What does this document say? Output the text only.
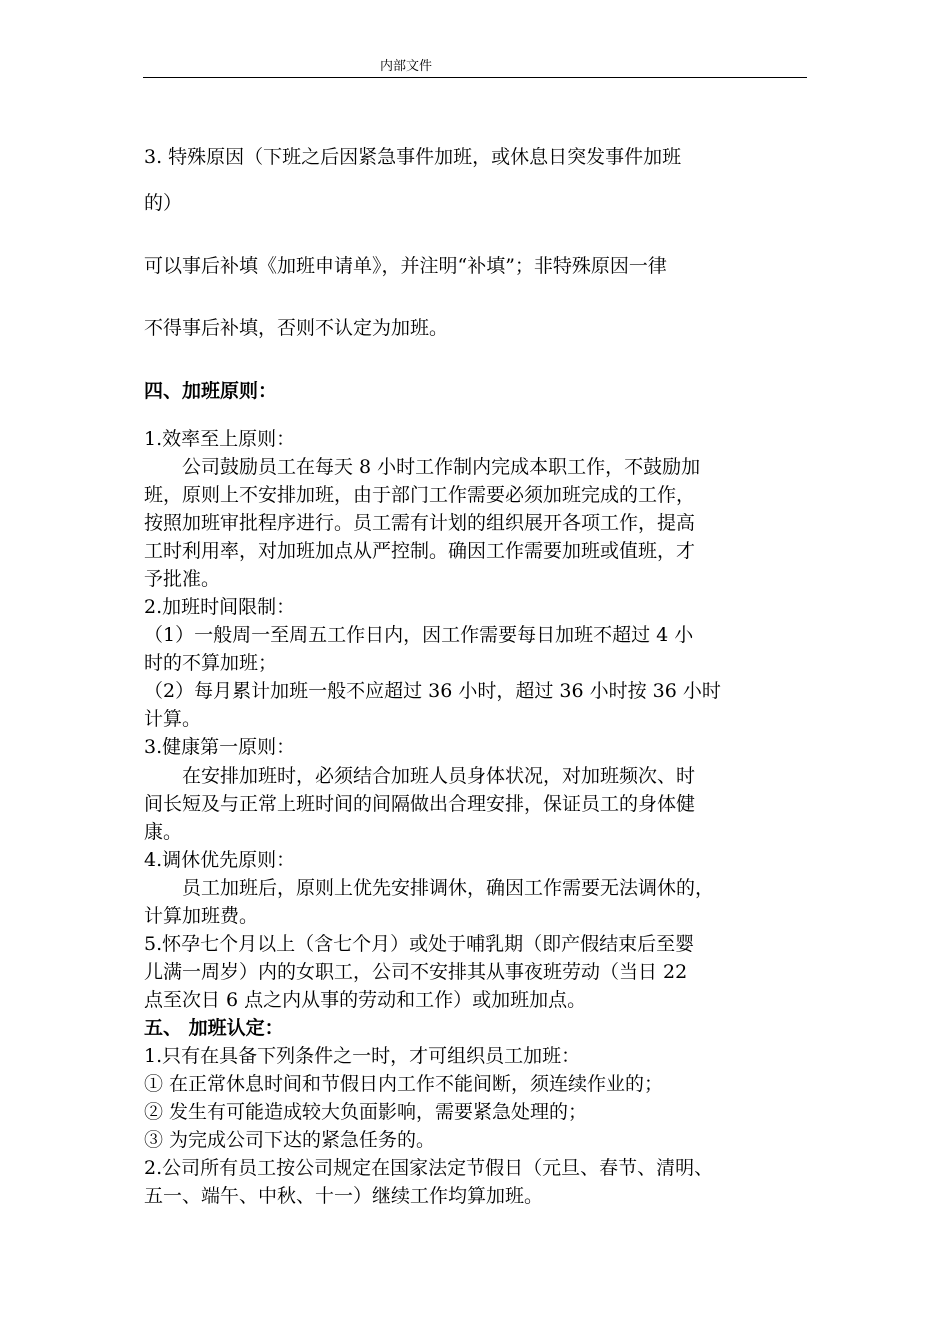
内部文件
3. 特殊原因（下班之后因紧急事件加班，或休息日突发事件加班
的）
可以事后补填《加班申请单》，并注明“补填”；非特殊原因一律
不得事后补填，否则不认定为加班。
四、加班原则：
1.效率至上原则：
　　公司鼓励员工在每天 8 小时工作制内完成本职工作，不鼓励加
班，原则上不安排加班，由于部门工作需要必须加班完成的工作，
按照加班审批程序进行。员工需有计划的组织展开各项工作，提高
工时利用率，对加班加点从严控制。确因工作需要加班或值班，才
予批准。
2.加班时间限制：
（1）一般周一至周五工作日内，因工作需要每日加班不超过 4 小
时的不算加班；
（2）每月累计加班一般不应超过 36 小时，超过 36 小时按 36 小时
计算。
3.健康第一原则：
　　在安排加班时，必须结合加班人员身体状况，对加班频次、时
间长短及与正常上班时间的间隔做出合理安排，保证员工的身体健
康。
4.调休优先原则：
　　员工加班后，原则上优先安排调休，确因工作需要无法调休的，
计算加班费。
5.怀孕七个月以上（含七个月）或处于哺乳期（即产假结束后至婴
儿满一周岁）内的女职工，公司不安排其从事夜班劳动（当日 22
点至次日 6 点之内从事的劳动和工作）或加班加点。
五、 加班认定：
1.只有在具备下列条件之一时，才可组织员工加班：
① 在正常休息时间和节假日内工作不能间断，须连续作业的；
② 发生有可能造成较大负面影响，需要紧急处理的；
③ 为完成公司下达的紧急任务的。
2.公司所有员工按公司规定在国家法定节假日（元旦、春节、清明、
五一、端午、中秋、十一）继续工作均算加班。
